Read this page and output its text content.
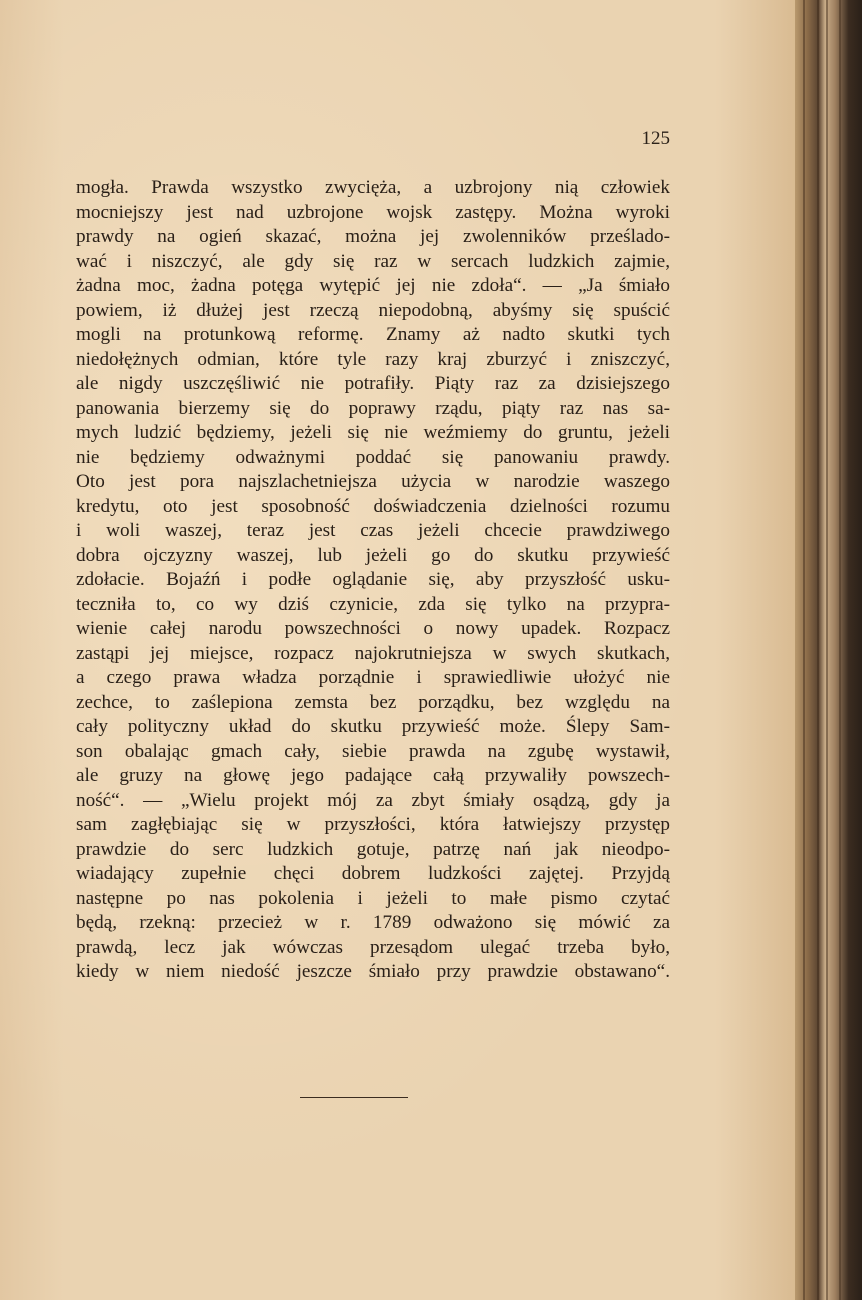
125
mogła. Prawda wszystko zwycięża, a uzbrojony nią człowiek
mocniejszy jest nad uzbrojone wojsk zastępy. Można wyroki
prawdy na ogień skazać, można jej zwolenników prześlado-
wać i niszczyć, ale gdy się raz w sercach ludzkich zajmie,
żadna moc, żadna potęga wytępić jej nie zdoła“. — „Ja śmiało
powiem, iż dłużej jest rzeczą niepodobną, abyśmy się spuścić
mogli na protunkową reformę. Znamy aż nadto skutki tych
niedołężnych odmian, które tyle razy kraj zburzyć i zniszczyć,
ale nigdy uszczęśliwić nie potrafiły. Piąty raz za dzisiejszego
panowania bierzemy się do poprawy rządu, piąty raz nas sa-
mych ludzić będziemy, jeżeli się nie weźmiemy do gruntu, jeżeli
nie będziemy odważnymi poddać się panowaniu prawdy.
Oto jest pora najszlachetniejsza użycia w narodzie waszego
kredytu, oto jest sposobność doświadczenia dzielności rozumu
i woli waszej, teraz jest czas jeżeli chcecie prawdziwego
dobra ojczyzny waszej, lub jeżeli go do skutku przywieść
zdołacie. Bojaźń i podłe oglądanie się, aby przyszłość usku-
teczniła to, co wy dziś czynicie, zda się tylko na przypra-
wienie całej narodu powszechności o nowy upadek. Rozpacz
zastąpi jej miejsce, rozpacz najokrutniejsza w swych skutkach,
a czego prawa władza porządnie i sprawiedliwie ułożyć nie
zechce, to zaślepiona zemsta bez porządku, bez względu na
cały polityczny układ do skutku przywieść może. Ślepy Sam-
son obalając gmach cały, siebie prawda na zgubę wystawił,
ale gruzy na głowę jego padające całą przywaliły powszech-
ność“. — „Wielu projekt mój za zbyt śmiały osądzą, gdy ja
sam zagłębiając się w przyszłości, która łatwiejszy przystęp
prawdzie do serc ludzkich gotuje, patrzę nań jak nieodpo-
wiadający zupełnie chęci dobrem ludzkości zajętej. Przyjdą
następne po nas pokolenia i jeżeli to małe pismo czytać
będą, rzekną: przecież w r. 1789 odważono się mówić za
prawdą, lecz jak wówczas przesądom ulegać trzeba było,
kiedy w niem niedość jeszcze śmiało przy prawdzie obstawano“.
